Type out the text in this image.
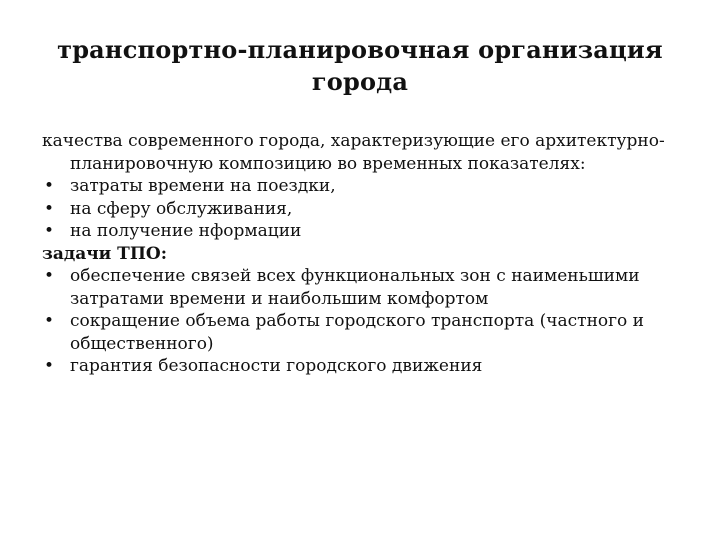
транспортно-планировочная организация
города

качества современного города, характеризующие его архитектурно-планировочную композицию во временных показателях:

• затраты времени на поездки,
• на сферу обслуживания,
• на получение нформации

задачи ТПО:

• обеспечение связей всех функциональных зон с наименьшими затратами времени и наибольшим комфортом
• сокращение объема работы городского транспорта (частного и общественного)
• гарантия безопасности городского движения
